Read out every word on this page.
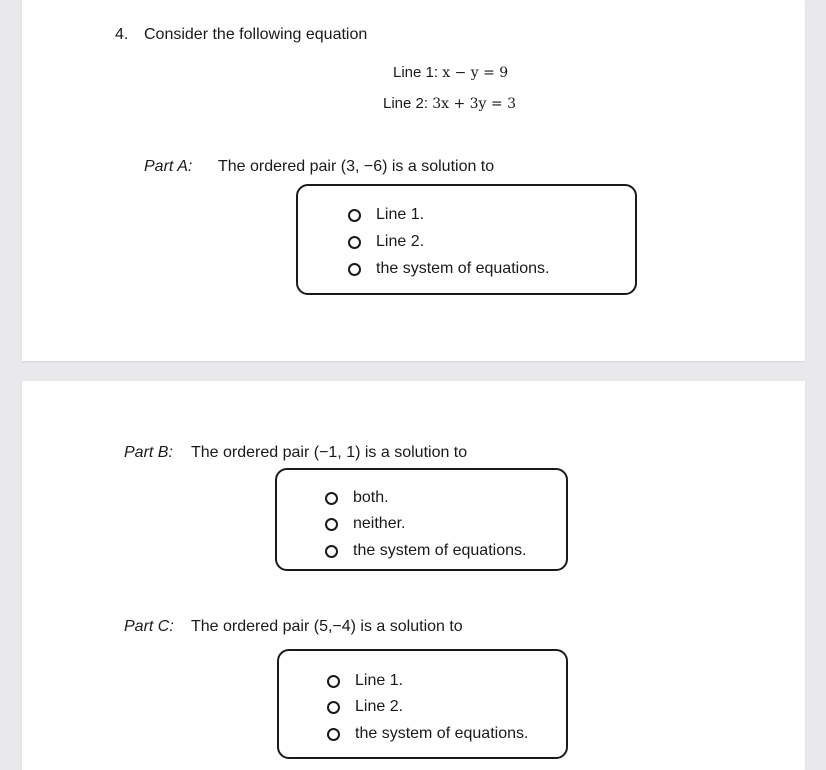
4. Consider the following equation
Line 1: x − y = 9
Line 2: 3x + 3y = 3
Part A: The ordered pair (3, −6) is a solution to
Line 1.
Line 2.
the system of equations.
Part B: The ordered pair (−1, 1) is a solution to
both.
neither.
the system of equations.
Part C: The ordered pair (5,−4) is a solution to
Line 1.
Line 2.
the system of equations.
